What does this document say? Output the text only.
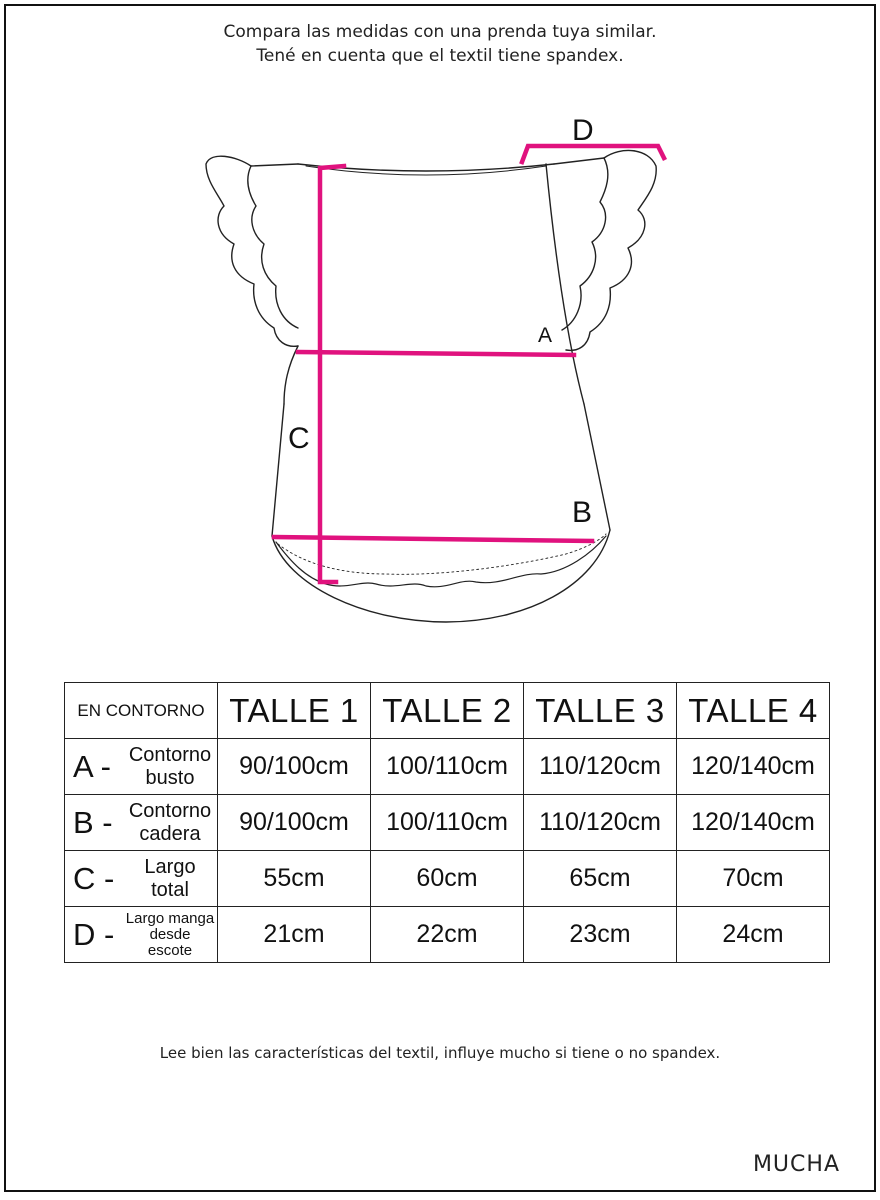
Compara las medidas con una prenda tuya similar.
Tené en cuenta que el textil tiene spandex.
A
B
C
D
EN CONTORNO	TALLE 1	TALLE 2	TALLE 3	TALLE 4

A - Contorno
busto	90/100cm	100/110cm	110/120cm	120/140cm

B - Contorno
cadera	90/100cm	100/110cm	110/120cm	120/140cm

C - Largo
total	55cm	60cm	65cm	70cm

D - Largo manga
desde
escote	21cm	22cm	23cm	24cm
Lee bien las características del textil, influye mucho si tiene o no spandex.
MUCHA
